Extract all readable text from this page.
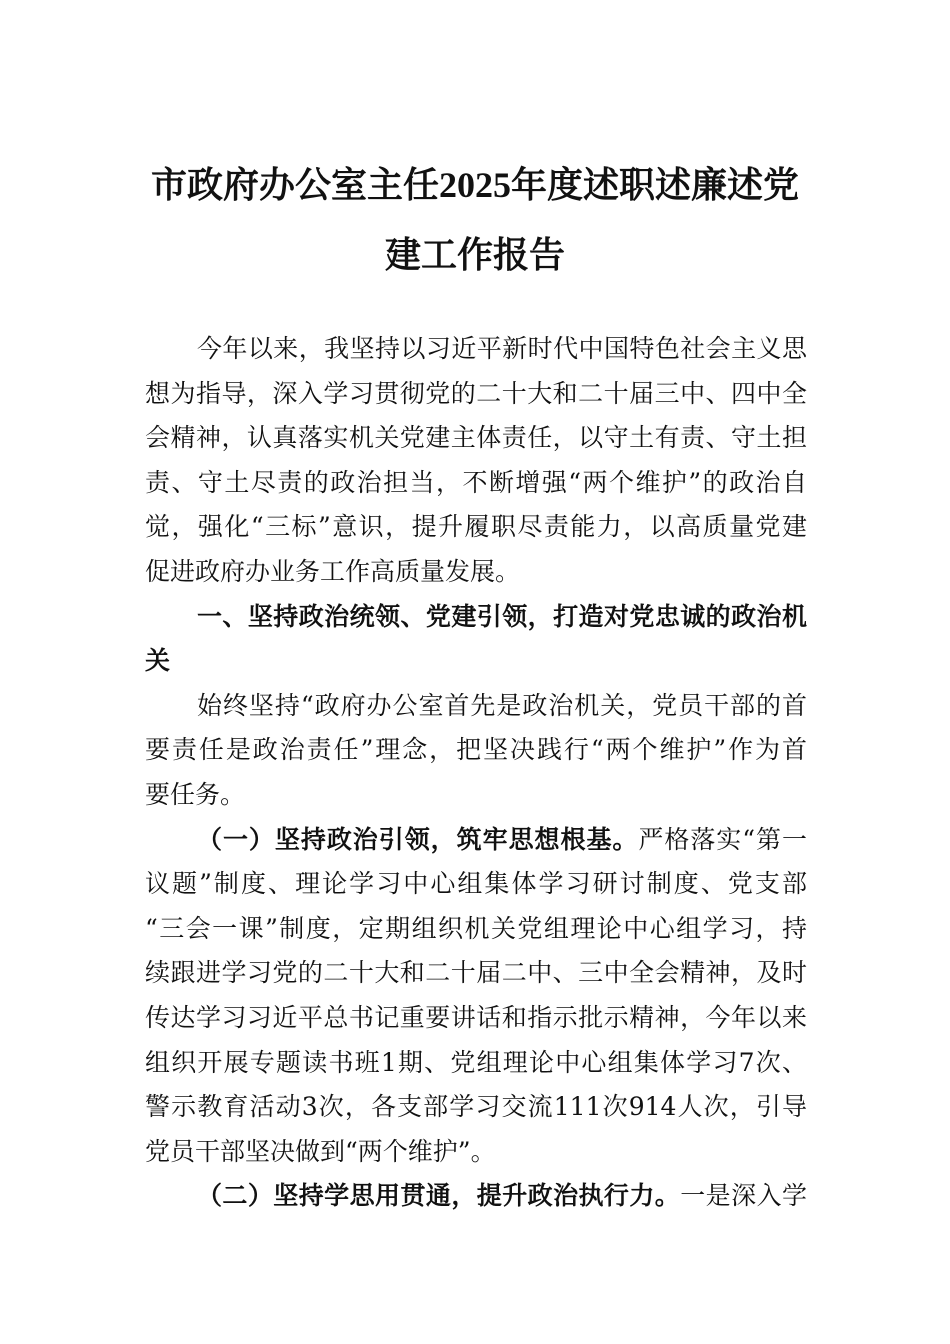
市政府办公室主任2025年度述职述廉述党
建工作报告
今年以来，我坚持以习近平新时代中国特色社会主义思
想为指导，深入学习贯彻党的二十大和二十届三中、四中全
会精神，认真落实机关党建主体责任，以守土有责、守土担
责、守土尽责的政治担当，不断增强“两个维护”的政治自
觉，强化“三标”意识，提升履职尽责能力，以高质量党建
促进政府办业务工作高质量发展。
一、坚持政治统领、党建引领，打造对党忠诚的政治机
关
始终坚持“政府办公室首先是政治机关，党员干部的首
要责任是政治责任”理念，把坚决践行“两个维护”作为首
要任务。
（一）坚持政治引领，筑牢思想根基。严格落实“第一
议题”制度、理论学习中心组集体学习研讨制度、党支部
“三会一课”制度，定期组织机关党组理论中心组学习，持
续跟进学习党的二十大和二十届二中、三中全会精神，及时
传达学习习近平总书记重要讲话和指示批示精神，今年以来
组织开展专题读书班1期、党组理论中心组集体学习7次、
警示教育活动3次，各支部学习交流111次914人次，引导
党员干部坚决做到“两个维护”。
（二）坚持学思用贯通，提升政治执行力。一是深入学
